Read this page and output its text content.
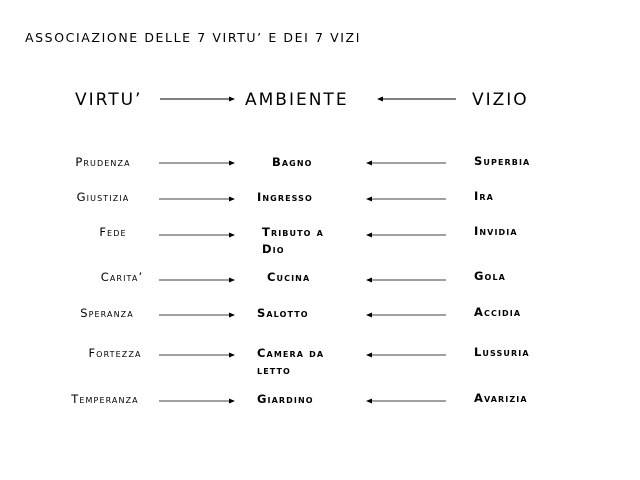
ASSOCIAZIONE DELLE 7 VIRTU’ E DEI 7 VIZI
VIRTU’	AMBIENTE	VIZIO
Prudenza
Giustizia
Fede
Carita’
Speranza
Fortezza
Temperanza
Bagno
Ingresso
Tributo a
Dio
Cucina
Salotto
Camera da
letto
Giardino
Superbia
Ira
Invidia
Gola
Accidia
Lussuria
Avarizia
